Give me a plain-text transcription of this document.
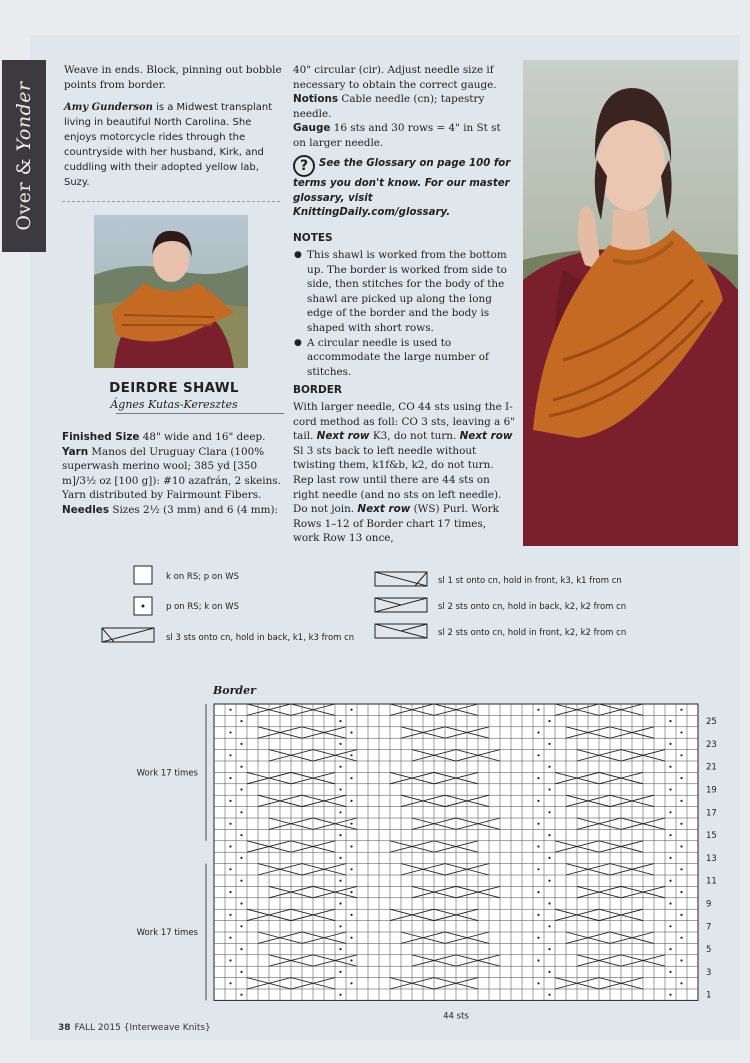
Over & Yonder

Weave in ends. Block, pinning out bobble points from border.

Amy Gunderson is a Midwest transplant living in beautiful North Carolina. She enjoys motorcycle rides through the countryside with her husband, Kirk, and cuddling with their adopted yellow lab, Suzy.

DEIRDRE SHAWL
Ágnes Kutas-Keresztes
Finished Size 48" wide and 16" deep.
Yarn Manos del Uruguay Clara (100% superwash merino wool; 385 yd [350 m]/3½ oz [100 g]): #10 azafrán, 2 skeins. Yarn distributed by Fairmount Fibers.
Needles Sizes 2½ (3 mm) and 6 (4 mm):
40" circular (cir). Adjust needle size if necessary to obtain the correct gauge.
Notions Cable needle (cn); tapestry needle.
Gauge 16 sts and 30 rows = 4" in St st on larger needle.
? See the Glossary on page 100 for terms you don't know. For our master glossary, visit KnittingDaily.com/glossary.
NOTES
● This shawl is worked from the bottom up. The border is worked from side to side, then stitches for the body of the shawl are picked up along the long edge of the border and the body is shaped with short rows.
● A circular needle is used to accommodate the large number of stitches.
BORDER
With larger needle, CO 44 sts using the I-cord method as foll: CO 3 sts, leaving a 6" tail. Next row K3, do not turn. Next row Sl 3 sts back to left needle without twisting them, k1f&b, k2, do not turn. Rep last row until there are 44 sts on right needle (and no sts on left needle). Do not join. Next row (WS) Purl. Work Rows 1–12 of Border chart 17 times, work Row 13 once,
k on RS; p on WS
p on RS; k on WS
sl 3 sts onto cn, hold in back, k1, k3 from cn
sl 1 st onto cn, hold in front, k3, k1 from cn
sl 2 sts onto cn, hold in back, k2, k2 from cn
sl 2 sts onto cn, hold in front, k2, k2 from cn
Border
1
3
5
7
9
11
13
15
17
19
21
23
25
Work 17 times
Work 17 times
44 sts
38 FALL 2015 {Interweave Knits}
